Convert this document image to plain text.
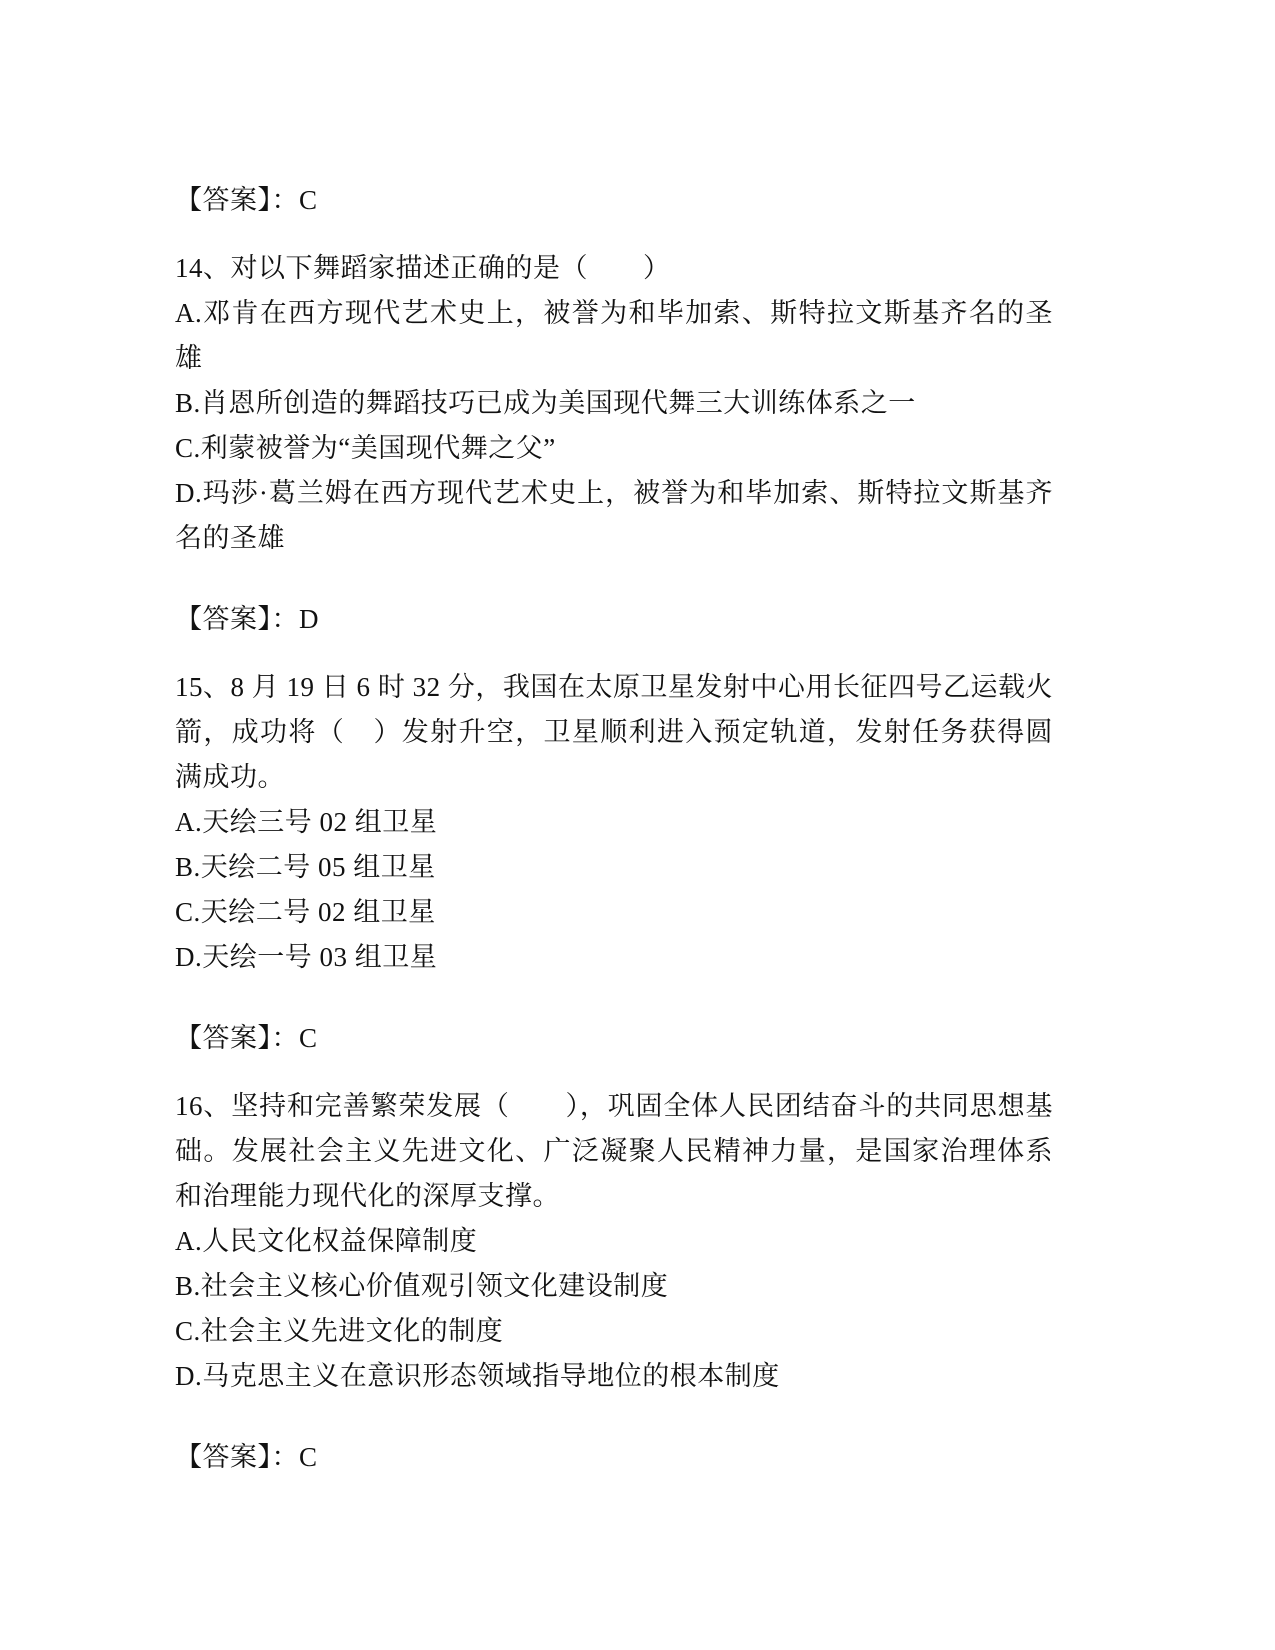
【答案】：C

14、对以下舞蹈家描述正确的是（　　）

A.邓肯在西方现代艺术史上，被誉为和毕加索、斯特拉文斯基齐名的圣雄

B.肖恩所创造的舞蹈技巧已成为美国现代舞三大训练体系之一

C.利蒙被誉为“美国现代舞之父”

D.玛莎·葛兰姆在西方现代艺术史上，被誉为和毕加索、斯特拉文斯基齐名的圣雄

【答案】：D

15、8 月 19 日 6 时 32 分，我国在太原卫星发射中心用长征四号乙运载火箭，成功将（　）发射升空，卫星顺利进入预定轨道，发射任务获得圆满成功。

A.天绘三号 02 组卫星

B.天绘二号 05 组卫星

C.天绘二号 02 组卫星

D.天绘一号 03 组卫星

【答案】：C

16、坚持和完善繁荣发展（　　），巩固全体人民团结奋斗的共同思想基础。发展社会主义先进文化、广泛凝聚人民精神力量，是国家治理体系和治理能力现代化的深厚支撑。

A.人民文化权益保障制度

B.社会主义核心价值观引领文化建设制度

C.社会主义先进文化的制度

D.马克思主义在意识形态领域指导地位的根本制度

【答案】：C
